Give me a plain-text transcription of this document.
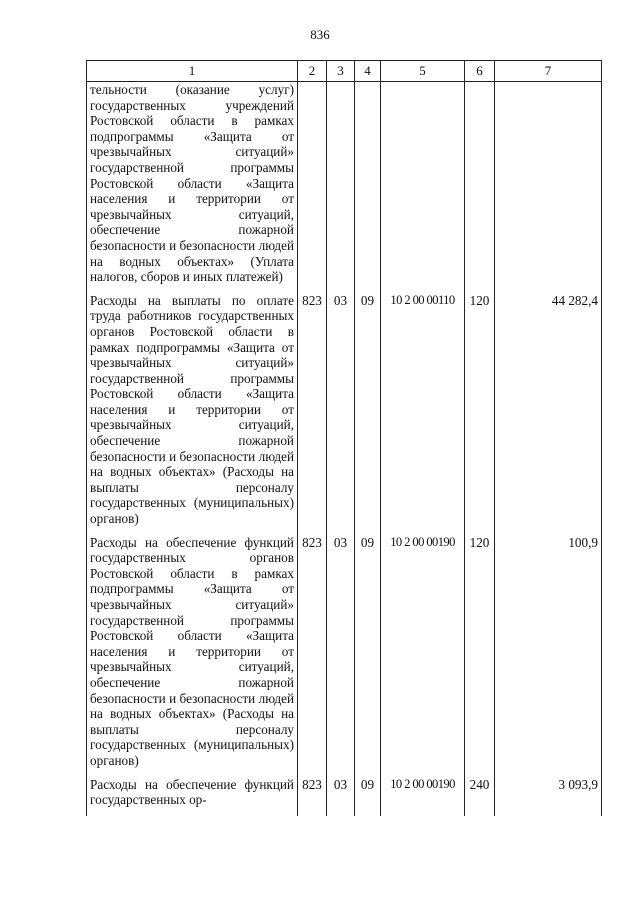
836
1	2	3	4	5	6	7
тельности (оказание услуг) государственных учреждений Ростовской области в рамках подпрограммы «Защита от чрезвычайных ситуаций» государственной программы Ростовской области «Защита населения и территории от чрезвычайных ситуаций, обеспечение пожарной безопасности и безопасности людей на водных объектах» (Уплата налогов, сборов и иных платежей)						
Расходы на выплаты по оплате труда работников государственных органов Ростовской области в рамках подпрограммы «Защита от чрезвычайных ситуаций» государственной программы Ростовской области «Защита населения и территории от чрезвычайных ситуаций, обеспечение пожарной безопасности и безопасности людей на водных объектах» (Расходы на выплаты персоналу государственных (муниципальных) органов)	823	03	09	10 2 00 00110	120	44 282,4
Расходы на обеспечение функций государственных органов Ростовской области в рамках подпрограммы «Защита от чрезвычайных ситуаций» государственной программы Ростовской области «Защита населения и территории от чрезвычайных ситуаций, обеспечение пожарной безопасности и безопасности людей на водных объектах» (Расходы на выплаты персоналу государственных (муниципальных) органов)	823	03	09	10 2 00 00190	120	100,9
Расходы на обеспечение функций государственных ор-	823	03	09	10 2 00 00190	240	3 093,9
